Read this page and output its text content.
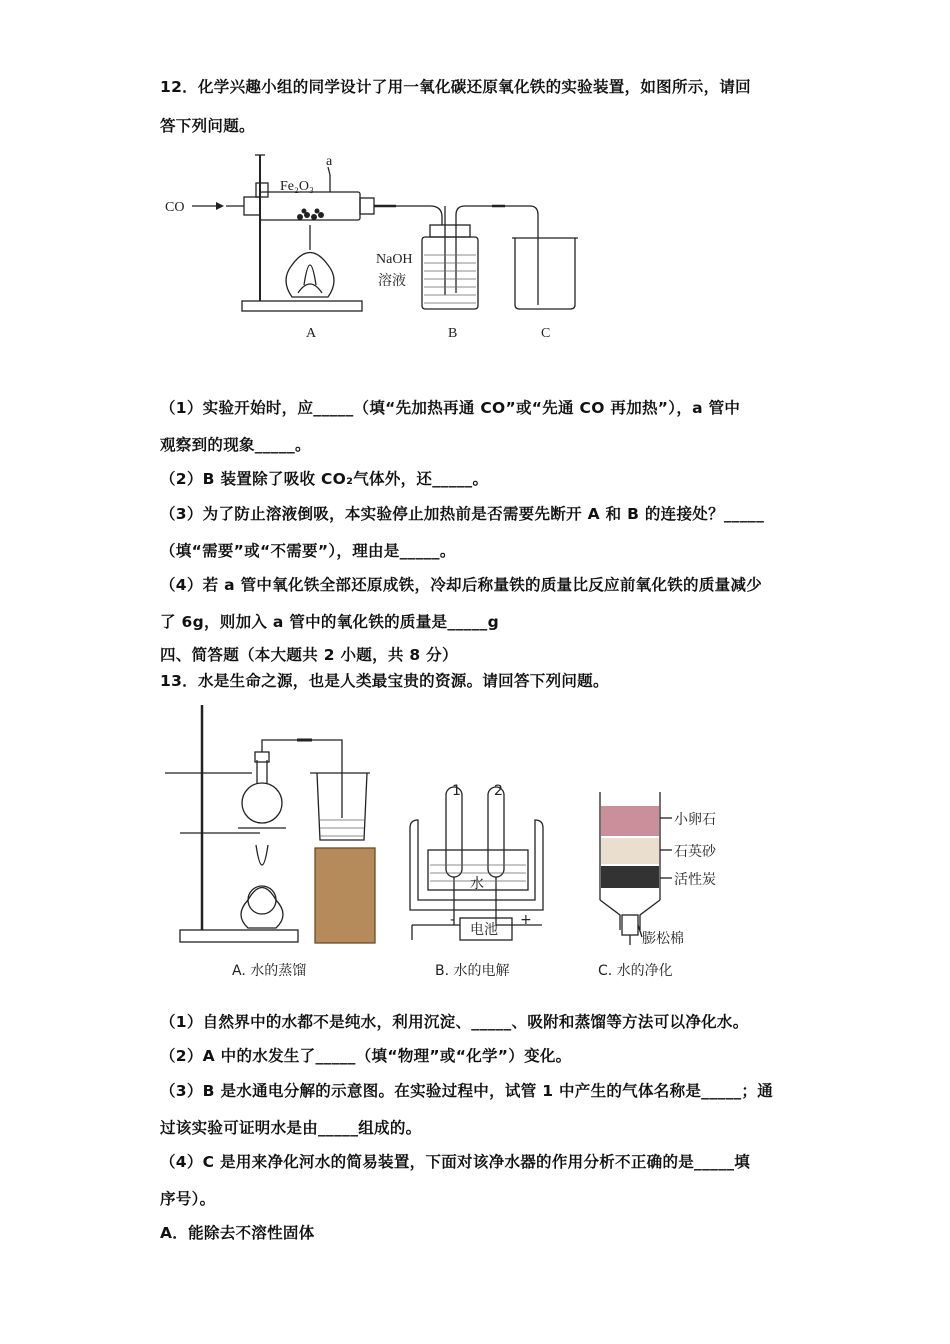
12．化学兴趣小组的同学设计了用一氧化碳还原氧化铁的实验装置，如图所示，请回
答下列问题。
CO
Fe₂O₃
a
NaOH
溶液
A	B	C
（1）实验开始时，应_____（填“先加热再通 CO”或“先通 CO 再加热”），a 管中
观察到的现象_____。
（2）B 装置除了吸收 CO₂气体外，还_____。
（3）为了防止溶液倒吸，本实验停止加热前是否需要先断开 A 和 B 的连接处？_____
（填“需要”或“不需要”），理由是_____。
（4）若 a 管中氧化铁全部还原成铁，冷却后称量铁的质量比反应前氧化铁的质量减少
了 6g，则加入 a 管中的氧化铁的质量是_____g
四、简答题（本大题共 2 小题，共 8 分）
13．水是生命之源，也是人类最宝贵的资源。请回答下列问题。
1 2
水
电池
-	+
小卵石
石英砂
活性炭
膨松棉
A. 水的蒸馏	B. 水的电解	C. 水的净化
（1）自然界中的水都不是纯水，利用沉淀、_____、吸附和蒸馏等方法可以净化水。
（2）A 中的水发生了_____（填“物理”或“化学”）变化。
（3）B 是水通电分解的示意图。在实验过程中，试管 1 中产生的气体名称是_____；通
过该实验可证明水是由_____组成的。
（4）C 是用来净化河水的简易装置，下面对该净水器的作用分析不正确的是_____填
序号）。
A．能除去不溶性固体
